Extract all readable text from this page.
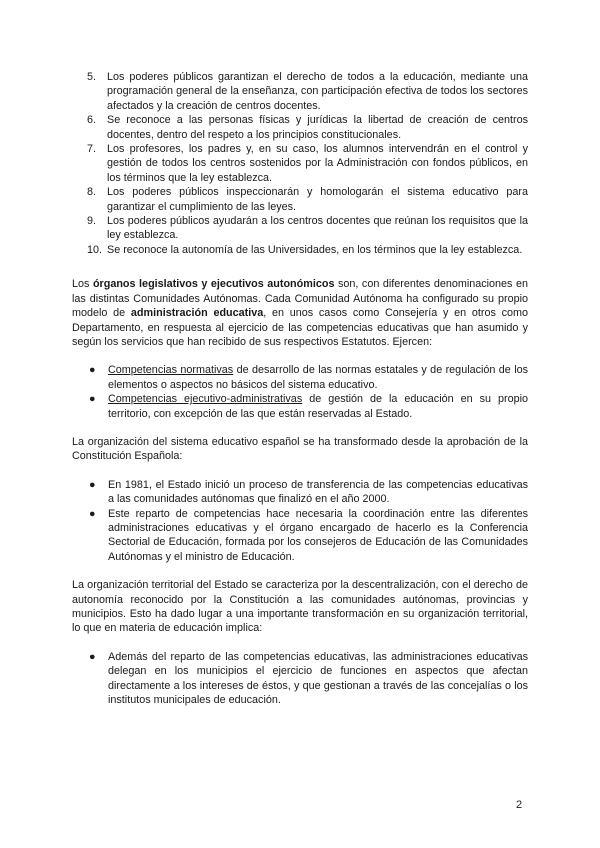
5.	Los poderes públicos garantizan el derecho de todos a la educación, mediante una programación general de la enseñanza, con participación efectiva de todos los sectores afectados y la creación de centros docentes.
6.	Se reconoce a las personas físicas y jurídicas la libertad de creación de centros docentes, dentro del respeto a los principios constitucionales.
7.	Los profesores, los padres y, en su caso, los alumnos intervendrán en el control y gestión de todos los centros sostenidos por la Administración con fondos públicos, en los términos que la ley establezca.
8.	Los poderes públicos inspeccionarán y homologarán el sistema educativo para garantizar el cumplimiento de las leyes.
9.	Los poderes públicos ayudarán a los centros docentes que reúnan los requisitos que la ley establezca.
10. Se reconoce la autonomía de las Universidades, en los términos que la ley establezca.

Los órganos legislativos y ejecutivos autonómicos son, con diferentes denominaciones en las distintas Comunidades Autónomas. Cada Comunidad Autónoma ha configurado su propio modelo de administración educativa, en unos casos como Consejería y en otros como Departamento, en respuesta al ejercicio de las competencias educativas que han asumido y según los servicios que han recibido de sus respectivos Estatutos. Ejercen:

● Competencias normativas de desarrollo de las normas estatales y de regulación de los elementos o aspectos no básicos del sistema educativo.
● Competencias ejecutivo-administrativas de gestión de la educación en su propio territorio, con excepción de las que están reservadas al Estado.

La organización del sistema educativo español se ha transformado desde la aprobación de la Constitución Española:

● En 1981, el Estado inició un proceso de transferencia de las competencias educativas a las comunidades autónomas que finalizó en el año 2000.
● Este reparto de competencias hace necesaria la coordinación entre las diferentes administraciones educativas y el órgano encargado de hacerlo es la Conferencia Sectorial de Educación, formada por los consejeros de Educación de las Comunidades Autónomas y el ministro de Educación.

La organización territorial del Estado se caracteriza por la descentralización, con el derecho de autonomía reconocido por la Constitución a las comunidades autónomas, provincias y municipios. Esto ha dado lugar a una importante transformación en su organización territorial, lo que en materia de educación implica:

● Además del reparto de las competencias educativas, las administraciones educativas delegan en los municipios el ejercicio de funciones en aspectos que afectan directamente a los intereses de éstos, y que gestionan a través de las concejalías o los institutos municipales de educación.
2
